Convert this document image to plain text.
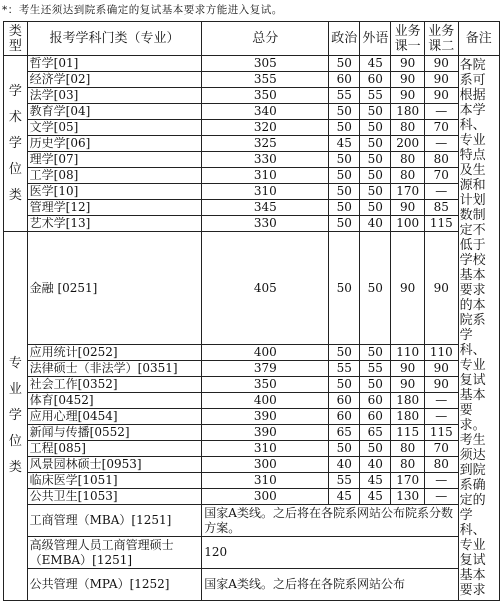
*：考生还须达到院系确定的复试基本要求方能进入复试。
类型	报考学科门类（专业）	总分	政治	外语	业务课一	业务课二	备注
学术学位类	哲学[01]	305	50	45	90	90	各院系可根据本学科、专业特点及生源和计划数制定不低于学校基本要求的本院系学科、专业复试基本要求。考生须达到院系确定的学科、专业复试基本要求
	经济学[02]	355	60	60	90	90	
	法学[03]	350	55	55	90	90	
	教育学[04]	340	50	50	180	—	
	文学[05]	320	50	50	80	70	
	历史学[06]	325	45	50	200	—	
	理学[07]	330	50	50	80	80	
	工学[08]	310	50	50	80	70	
	医学[10]	310	50	50	170	—	
	管理学[12]	345	50	50	90	85	
	艺术学[13]	330	50	40	100	115	
专业学位类	金融 [0251]	405	50	50	90	90	
	应用统计[0252]	400	50	50	110	110	
	法律硕士（非法学）[0351]	379	55	55	90	90	
	社会工作[0352]	350	50	50	90	90	
	体育[0452]	400	60	60	180	—	
	应用心理[0454]	390	60	60	180	—	
	新闻与传播[0552]	390	65	65	115	115	
	工程[085]	310	50	50	80	70	
	风景园林硕士[0953]	300	40	40	80	80	
	临床医学[1051]	310	55	45	170	—	
	公共卫生[1053]	300	45	45	130	—	
	工商管理（MBA）[1251]	国家A类线。之后将在各院系网站公布院系分数方案。					
	高级管理人员工商管理硕士（EMBA）[1251]	120					
	公共管理（MPA）[1252]	国家A类线。之后将在各院系网站公布					
